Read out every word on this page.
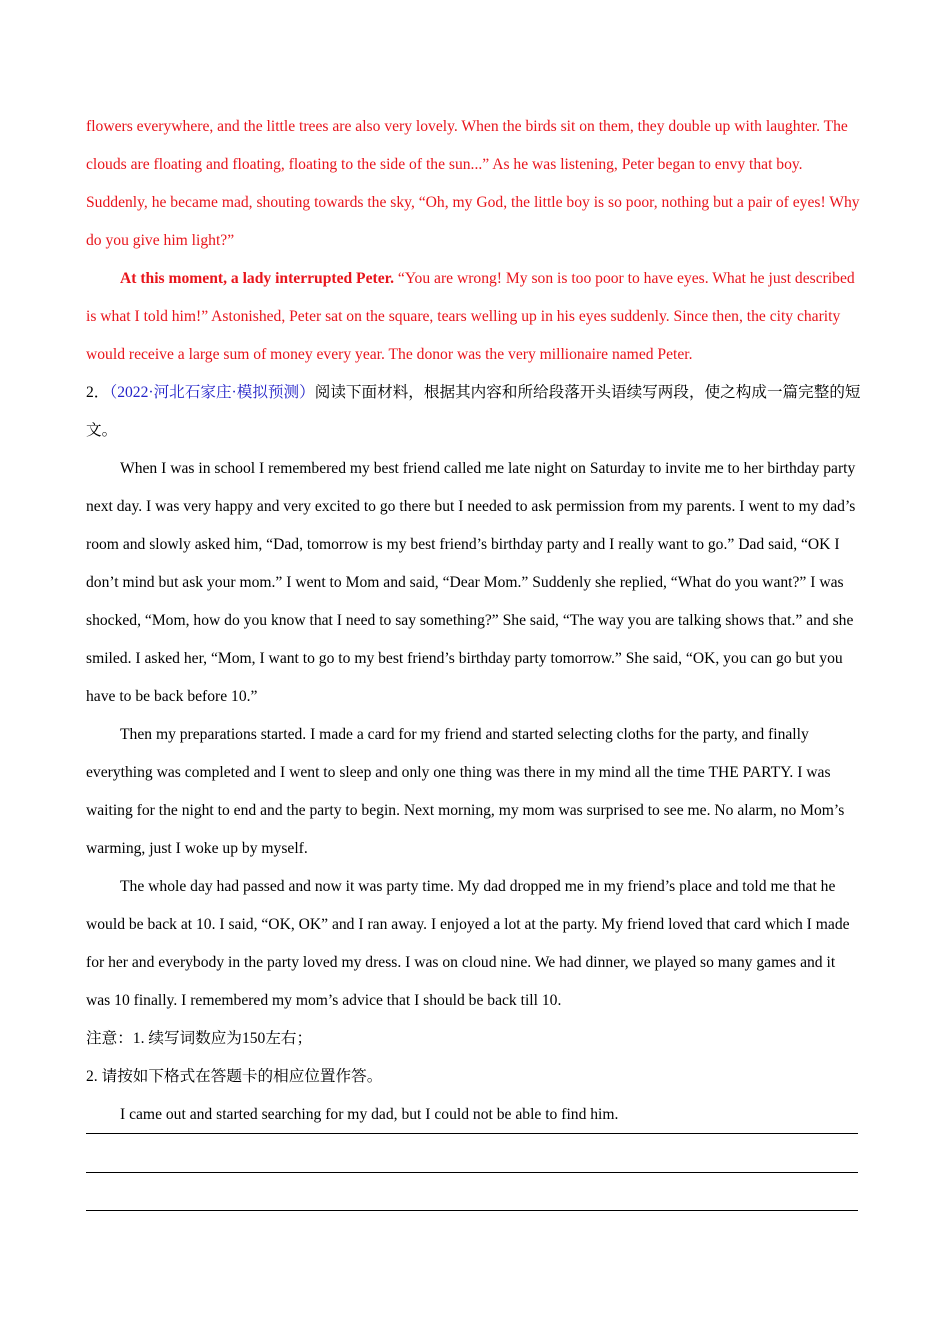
flowers everywhere, and the little trees are also very lovely. When the birds sit on them, they double up with laughter. The clouds are floating and floating, floating to the side of the sun...” As he was listening, Peter began to envy that boy. Suddenly, he became mad, shouting towards the sky, “Oh, my God, the little boy is so poor, nothing but a pair of eyes! Why do you give him light?”

At this moment, a lady interrupted Peter. “You are wrong! My son is too poor to have eyes. What he just described is what I told him!” Astonished, Peter sat on the square, tears welling up in his eyes suddenly. Since then, the city charity would receive a large sum of money every year. The donor was the very millionaire named Peter.

2．（2022·河北石家庄·模拟预测）阅读下面材料，根据其内容和所给段落开头语续写两段，使之构成一篇完整的短文。

When I was in school I remembered my best friend called me late night on Saturday to invite me to her birthday party next day. I was very happy and very excited to go there but I needed to ask permission from my parents. I went to my dad’s room and slowly asked him, “Dad, tomorrow is my best friend’s birthday party and I really want to go.” Dad said, “OK I don’t mind but ask your mom.” I went to Mom and said, “Dear Mom.” Suddenly she replied, “What do you want?” I was shocked, “Mom, how do you know that I need to say something?” She said, “The way you are talking shows that.” and she smiled. I asked her, “Mom, I want to go to my best friend’s birthday party tomorrow.” She said, “OK, you can go but you have to be back before 10.”

Then my preparations started. I made a card for my friend and started selecting cloths for the party, and finally everything was completed and I went to sleep and only one thing was there in my mind all the time THE PARTY. I was waiting for the night to end and the party to begin. Next morning, my mom was surprised to see me. No alarm, no Mom’s warming, just I woke up by myself.

The whole day had passed and now it was party time. My dad dropped me in my friend’s place and told me that he would be back at 10. I said, “OK, OK” and I ran away. I enjoyed a lot at the party. My friend loved that card which I made for her and everybody in the party loved my dress. I was on cloud nine. We had dinner, we played so many games and it was 10 finally. I remembered my mom’s advice that I should be back till 10.

注意：1. 续写词数应为150左右；

2. 请按如下格式在答题卡的相应位置作答。

I came out and started searching for my dad, but I could not be able to find him.
